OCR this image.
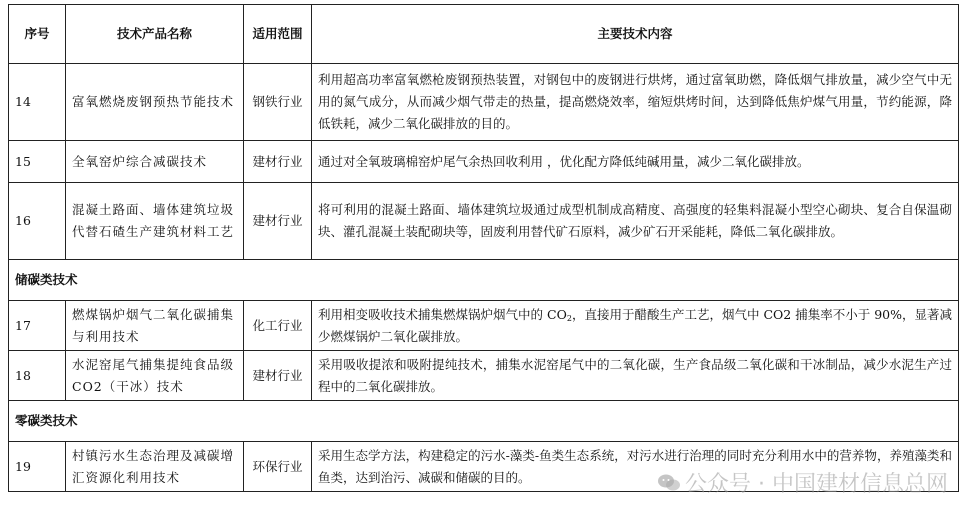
序号	技术产品名称	适用范围	主要技术内容
14	富氧燃烧废钢预热节能技术	钢铁行业	利用超高功率富氧燃枪废钢预热装置，对钢包中的废钢进行烘烤，通过富氧助燃，降低烟气排放量，减少空气中无用的氮气成分，从而减少烟气带走的热量，提高燃烧效率，缩短烘烤时间，达到降低焦炉煤气用量，节约能源，降低铁耗，减少二氧化碳排放的目的。
15	全氧窑炉综合减碳技术	建材行业	通过对全氧玻璃棉窑炉尾气余热回收利用 ，优化配方降低纯碱用量，减少二氧化碳排放。
16	混凝土路面、墙体建筑垃圾代替石碴生产建筑材料工艺	建材行业	将可利用的混凝土路面、墙体建筑垃圾通过成型机制成高精度、高强度的轻集料混凝小型空心砌块、复合自保温砌块、灌孔混凝土装配砌块等，固废利用替代矿石原料，减少矿石开采能耗，降低二氧化碳排放。
储碳类技术			
17	燃煤锅炉烟气二氧化碳捕集与利用技术	化工行业	利用相变吸收技术捕集燃煤锅炉烟气中的 $CO_2$，直接用于醋酸生产工艺，烟气中 CO2 捕集率不小于 90%，显著减少燃煤锅炉二氧化碳排放。
18	水泥窑尾气捕集提纯食品级 CO2（干冰）技术	建材行业	采用吸收提浓和吸附提纯技术，捕集水泥窑尾气中的二氧化碳，生产食品级二氧化碳和干冰制品，减少水泥生产过程中的二氧化碳排放。
零碳类技术			
19	村镇污水生态治理及减碳增汇资源化利用技术	环保行业	采用生态学方法，构建稳定的污水-藻类-鱼类生态系统，对污水进行治理的同时充分利用水中的营养物，养殖藻类和鱼类，达到治污、减碳和储碳的目的。	公众号 · 中国建材信息总网
